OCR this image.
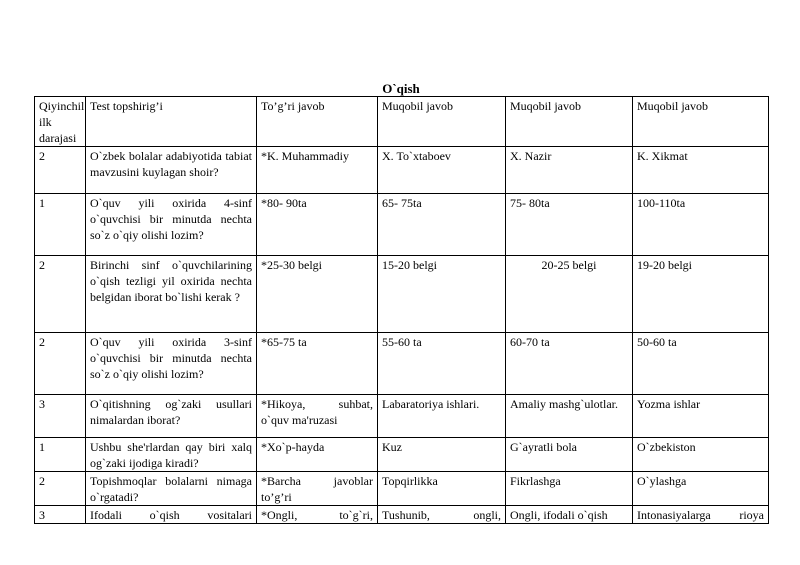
O`qish
Qiyinchil ilk darajasi	Test topshirig’i	To’g’ri javob	Muqobil javob	Muqobil javob	Muqobil javob
2	O`zbek bolalar adabiyotida tabiat mavzusini kuylagan shoir?	*K. Muhammadiy	X. To`xtaboev	X. Nazir	K. Xikmat
1	O`quv yili oxirida 4-sinf o`quvchisi bir minutda nechta so`z o`qiy olishi lozim?	*80- 90ta	65- 75ta	75- 80ta	100-110ta
2	Birinchi sinf o`quvchilarining o`qish tezligi yil oxirida nechta belgidan iborat bo`lishi kerak ?	*25-30 belgi	15-20 belgi	20-25 belgi	19-20 belgi
2	O`quv yili oxirida 3-sinf o`quvchisi bir minutda nechta so`z o`qiy olishi lozim?	*65-75 ta	55-60 ta	60-70 ta	50-60 ta
3	O`qitishning og`zaki usullari nimalardan iborat?	*Hikoya, suhbat, o`quv ma'ruzasi	Labaratoriya ishlari.	Amaliy mashg`ulotlar.	Yozma ishlar
1	Ushbu she'rlardan qay biri xalq og`zaki ijodiga kiradi?	*Xo`p-hayda	Kuz	G`ayratli bola	O`zbekiston
2	Topishmoqlar bolalarni nimaga o`rgatadi?	*Barcha javoblar to’g’ri	Topqirlikka	Fikrlashga	O`ylashga
3	Ifodali o`qish vositalari	*Ongli, to`g`ri,	Tushunib, ongli,	Ongli, ifodali o`qish	Intonasiyalarga rioya
